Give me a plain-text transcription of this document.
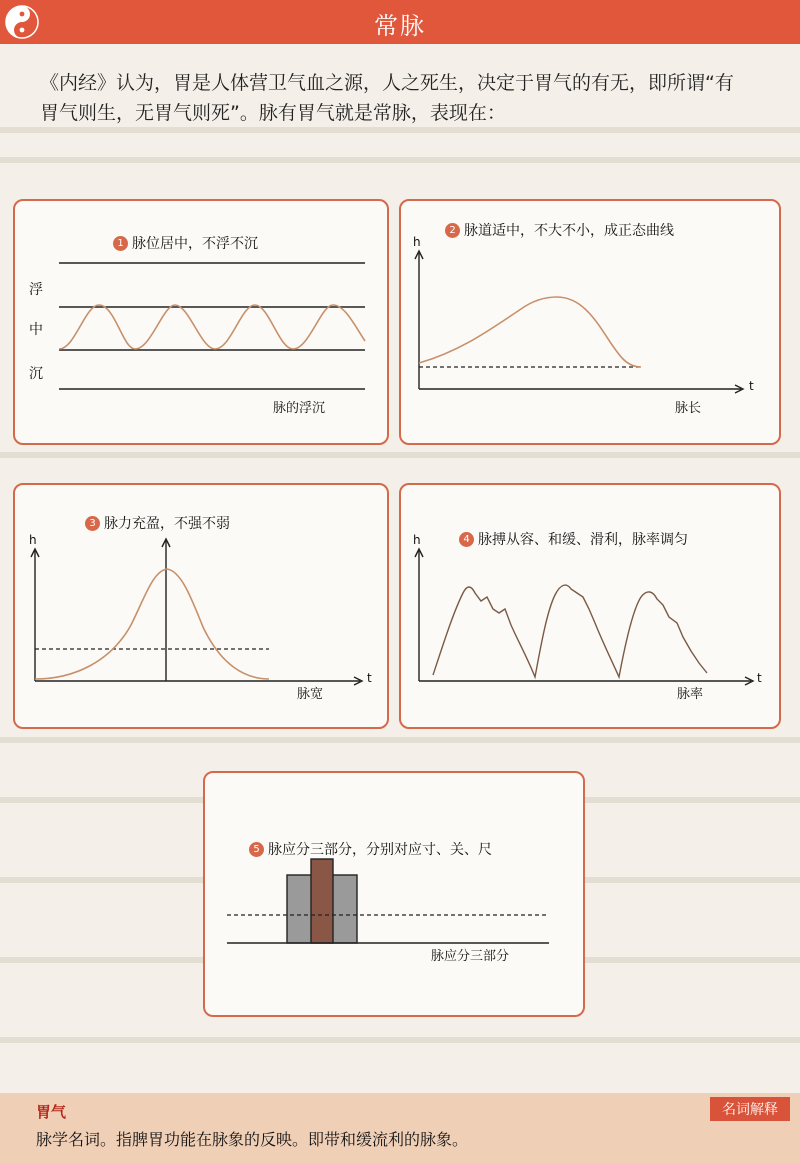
常脉
《内经》认为，胃是人体营卫气血之源，人之死生，决定于胃气的有无，即所谓“有
胃气则生，无胃气则死”。脉有胃气就是常脉，表现在：
1 脉位居中，不浮不沉
浮
中
沉
脉的浮沉
2 脉道适中，不大不小，成正态曲线
h
t
脉长
3 脉力充盈，不强不弱
h
t
脉宽
4 脉搏从容、和缓、滑利，脉率调匀
h
t
脉率
5 脉应分三部分，分别对应寸、关、尺
脉应分三部分
名词解释
胃气
脉学名词。指脾胃功能在脉象的反映。即带和缓流利的脉象。
